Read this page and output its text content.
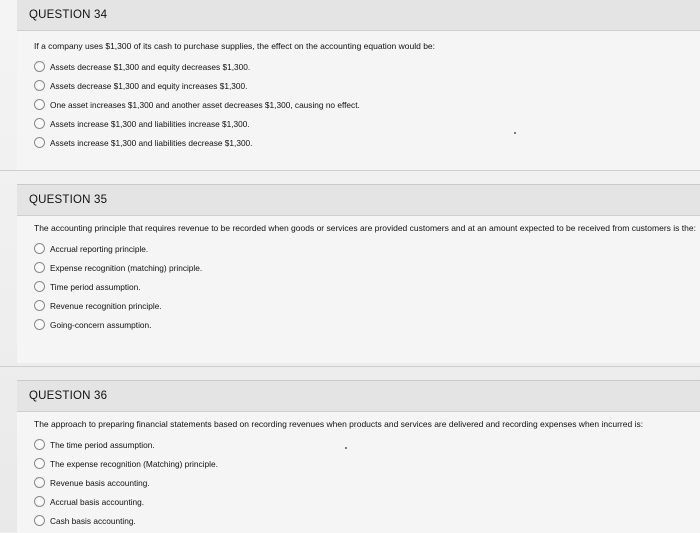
QUESTION 34
If a company uses $1,300 of its cash to purchase supplies, the effect on the accounting equation would be:
Assets decrease $1,300 and equity decreases $1,300.
Assets decrease $1,300 and equity increases $1,300.
One asset increases $1,300 and another asset decreases $1,300, causing no effect.
Assets increase $1,300 and liabilities increase $1,300.
Assets increase $1,300 and liabilities decrease $1,300.
QUESTION 35
The accounting principle that requires revenue to be recorded when goods or services are provided customers and at an amount expected to be received from customers is the:
Accrual reporting principle.
Expense recognition (matching) principle.
Time period assumption.
Revenue recognition principle.
Going-concern assumption.
QUESTION 36
The approach to preparing financial statements based on recording revenues when products and services are delivered and recording expenses when incurred is:
The time period assumption.
The expense recognition (Matching) principle.
Revenue basis accounting.
Accrual basis accounting.
Cash basis accounting.
